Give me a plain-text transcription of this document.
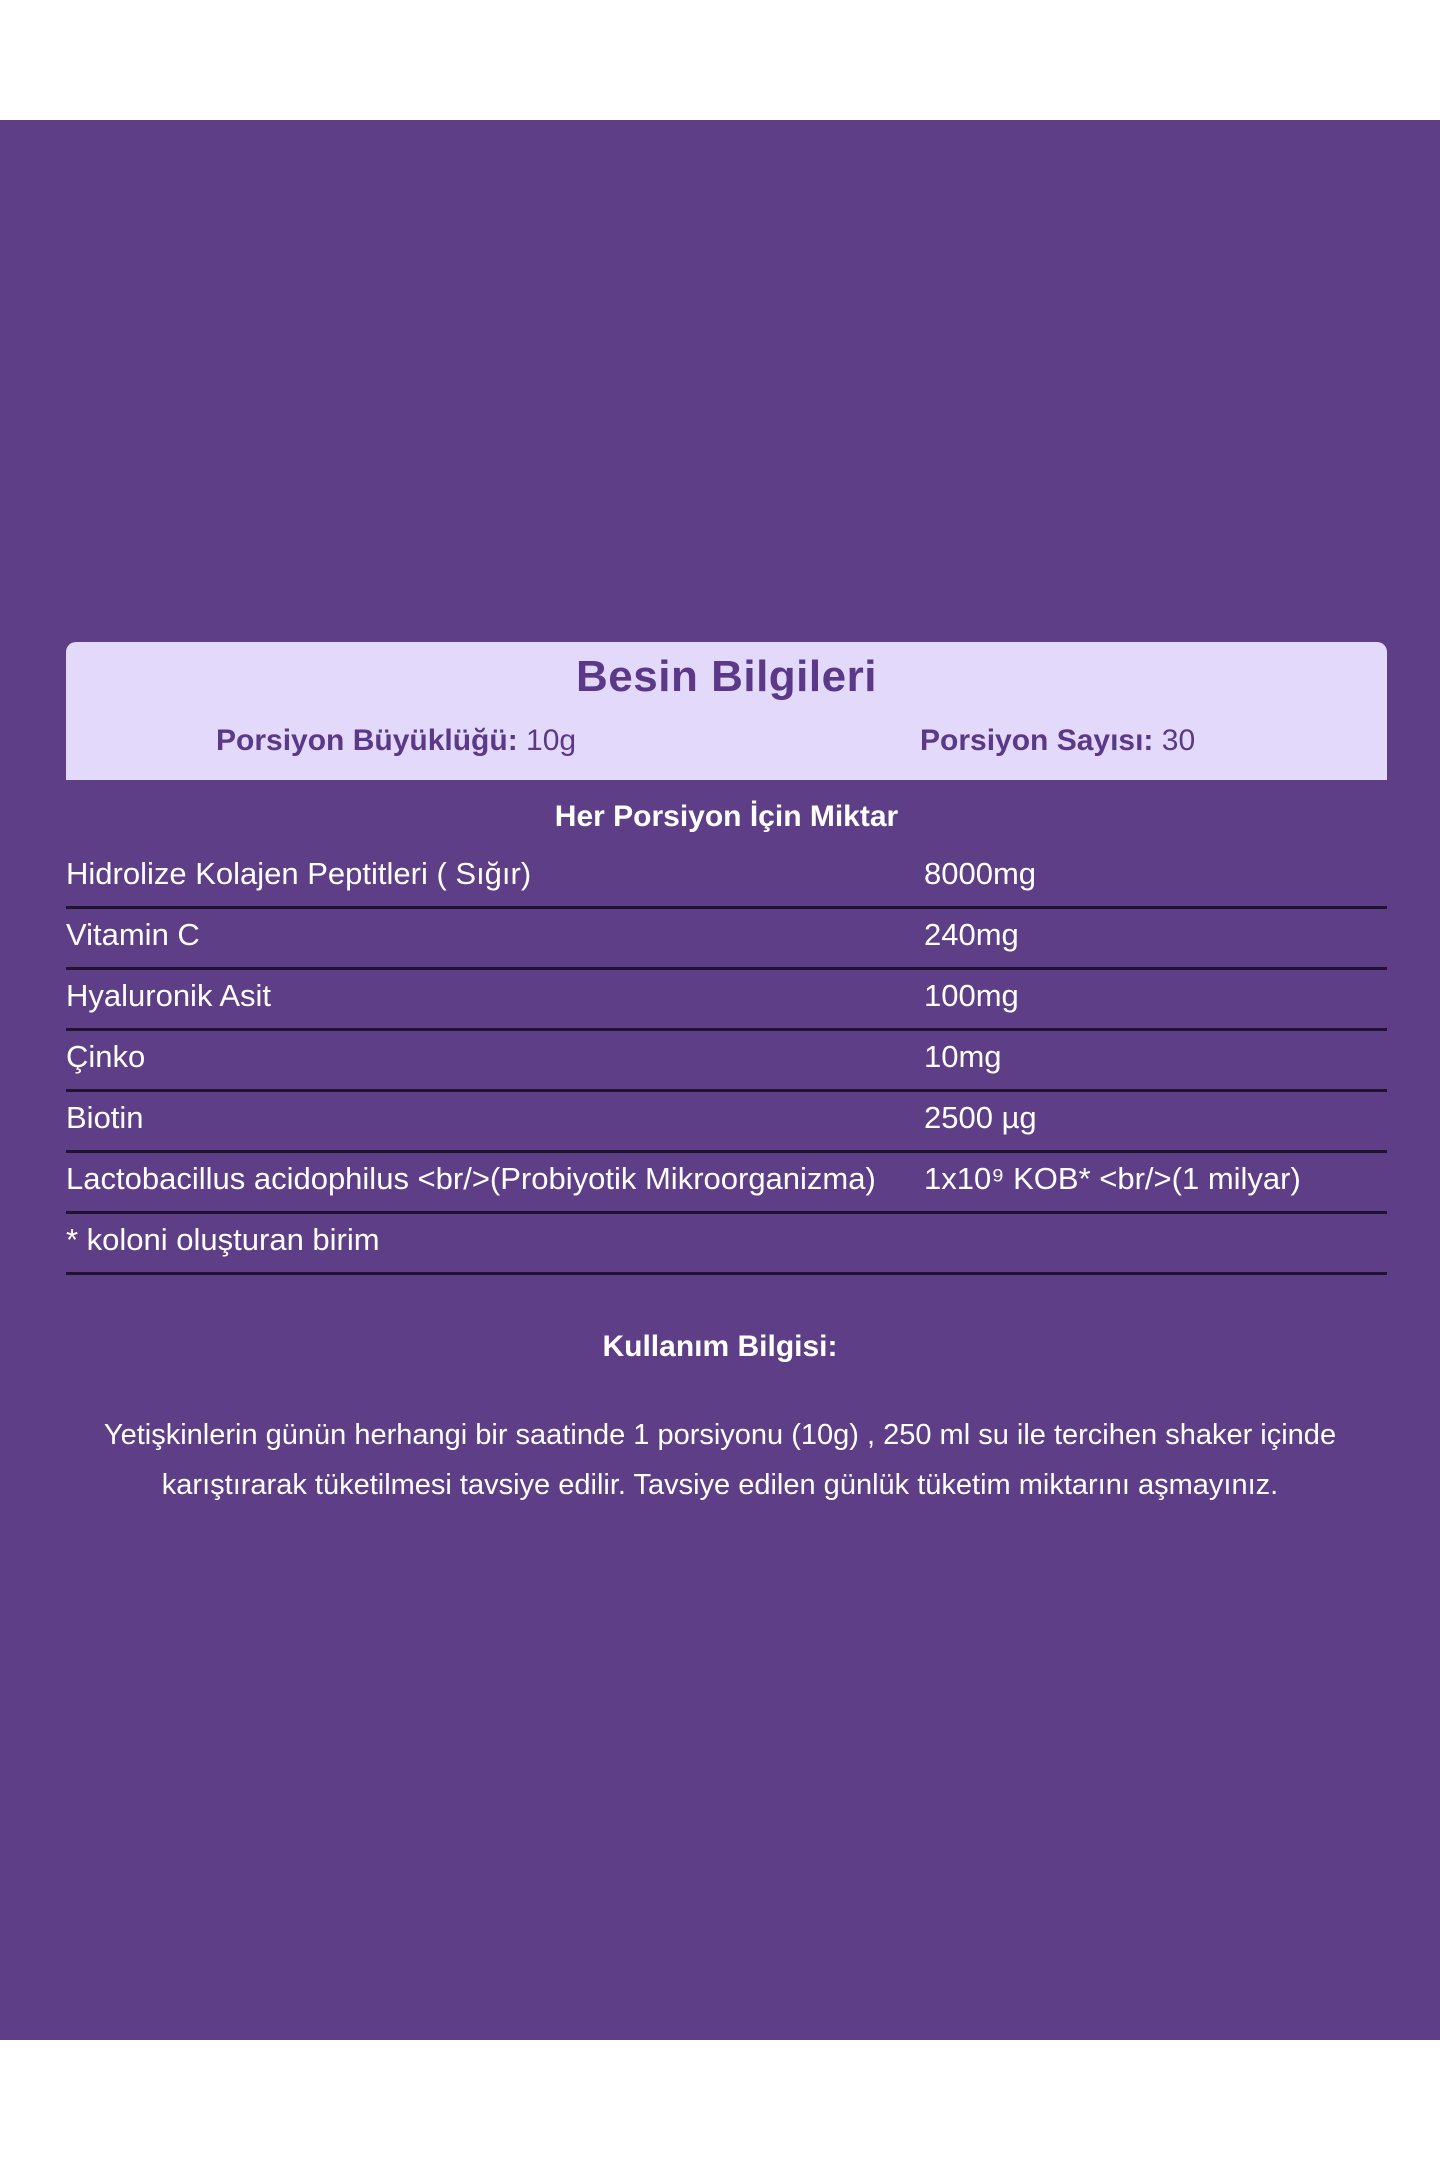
Besin Bilgileri
Porsiyon Büyüklüğü: 10g	Porsiyon Sayısı: 30
Her Porsiyon İçin Miktar
Hidrolize Kolajen Peptitleri ( Sığır)	8000mg
Vitamin C	240mg
Hyaluronik Asit	100mg
Çinko	10mg
Biotin	2500 µg
Lactobacillus acidophilus <br/>(Probiyotik Mikroorganizma) 1x10⁹ KOB* <br/>(1 milyar)
* koloni oluşturan birim
Kullanım Bilgisi:
Yetişkinlerin günün herhangi bir saatinde 1 porsiyonu (10g) , 250 ml su ile tercihen shaker içinde karıştırarak tüketilmesi tavsiye edilir. Tavsiye edilen günlük tüketim miktarını aşmayınız.
